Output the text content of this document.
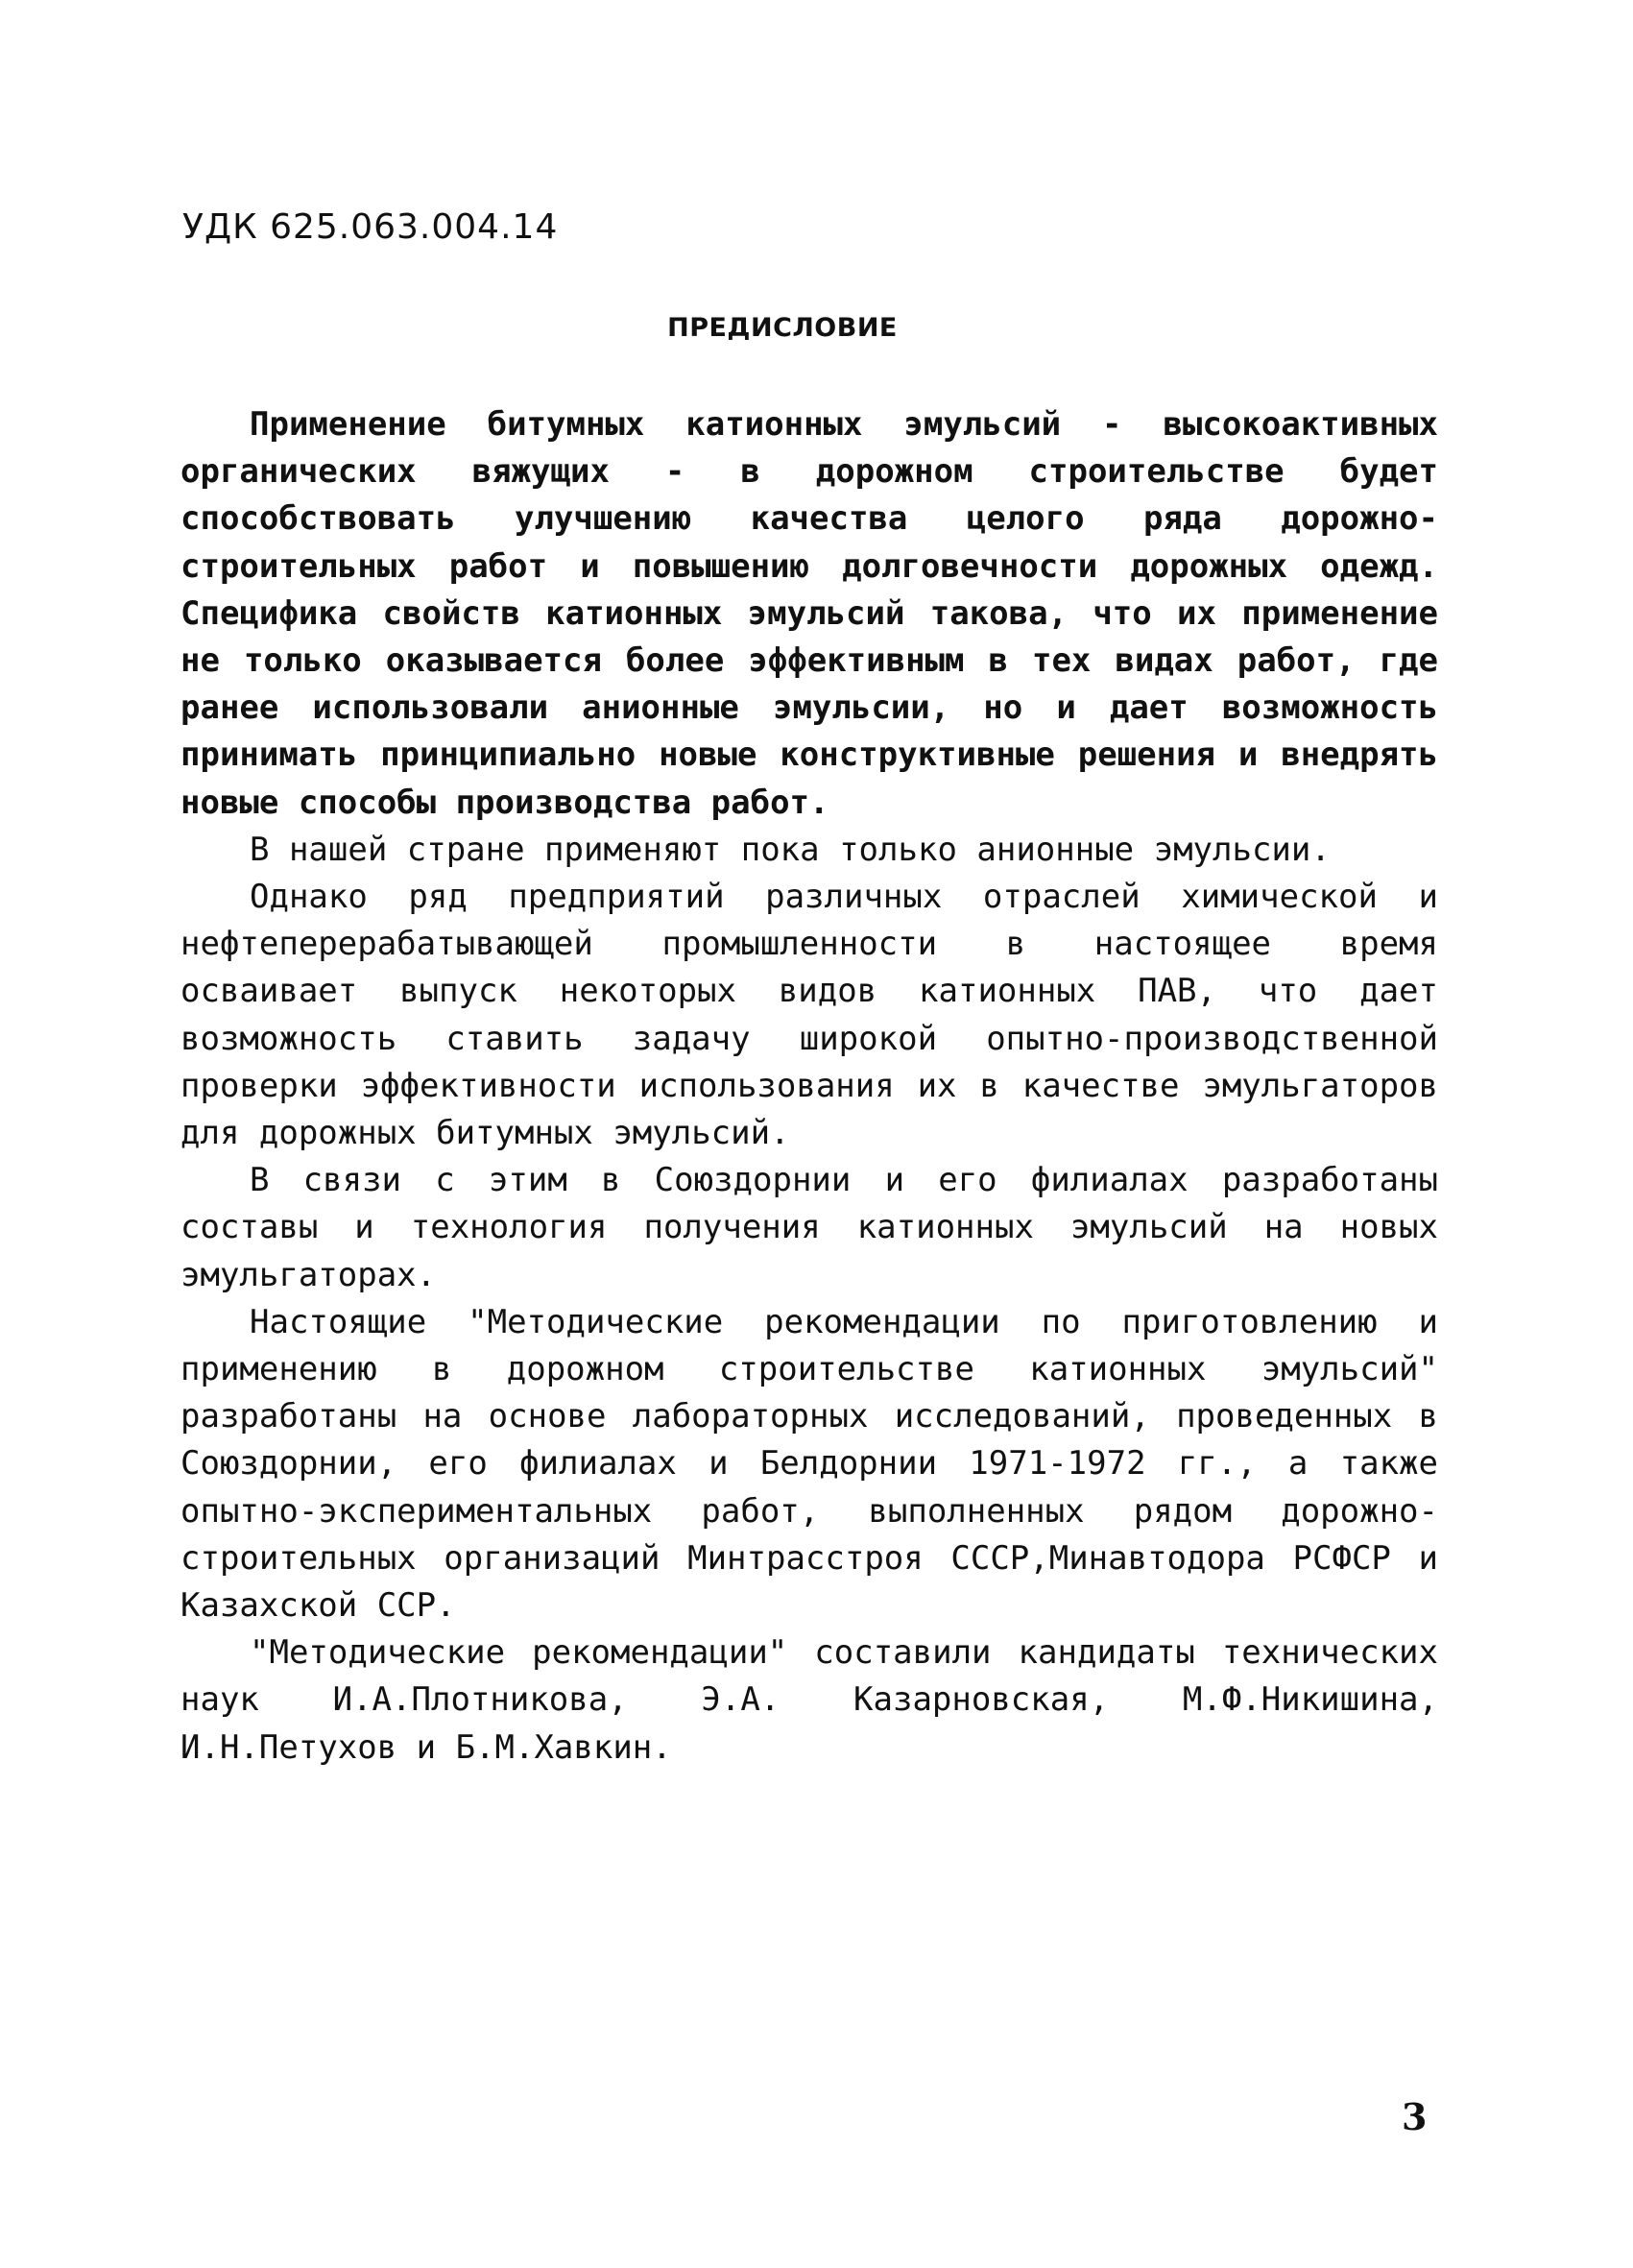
УДК 625.063.004.14
ПРЕДИСЛОВИЕ

Применение битумных катионных эмульсий - высокоактивных органических вяжущих - в дорожном строительстве будет способствовать улучшению качества целого ряда дорожно-строительных работ и повышению долговечности дорожных одежд. Специфика свойств катионных эмульсий такова, что их применение не только оказывается более эффективным в тех видах работ, где ранее использовали анионные эмульсии, но и дает возможность принимать принципиально новые конструктивные решения и внедрять новые способы производства работ.

В нашей стране применяют пока только анионные эмульсии.

Однако ряд предприятий различных отраслей химической и нефтеперерабатывающей промышленности в настоящее время осваивает выпуск некоторых видов катионных ПАВ, что дает возможность ставить задачу широкой опытно-производственной проверки эффективности использования их в качестве эмульгаторов для дорожных битумных эмульсий.

В связи с этим в Союздорнии и его филиалах разработаны составы и технология получения катионных эмульсий на новых эмульгаторах.

Настоящие "Методические рекомендации по приготовлению и применению в дорожном строительстве катионных эмульсий" разработаны на основе лабораторных исследований, проведенных в Союздорнии, его филиалах и Белдорнии 1971-1972 гг., а также опытно-экспериментальных работ, выполненных рядом дорожно-строительных организаций Минтрасстроя СССР,Минавтодора РСФСР и Казахской ССР.

"Методические рекомендации" составили кандидаты технических наук И.А.Плотникова, Э.А. Казарновская, М.Ф.Никишина, И.Н.Петухов и Б.М.Хавкин.

3
